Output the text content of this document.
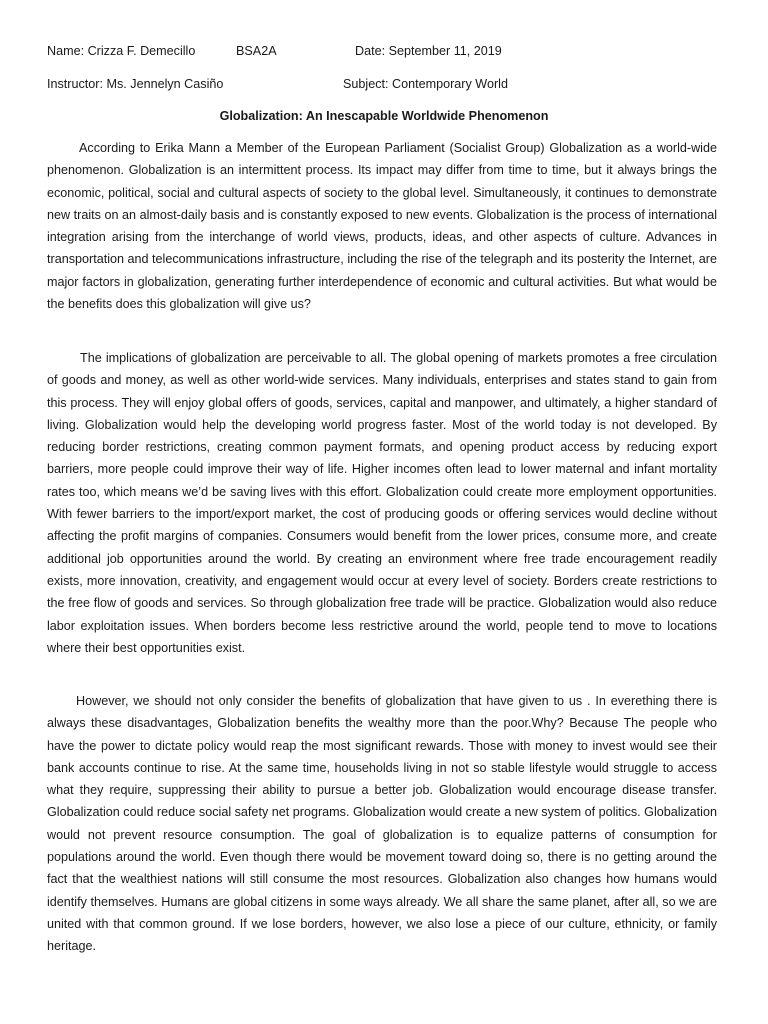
Name: Crizza F. Demecillo	BSA2A	Date: September 11, 2019
Instructor: Ms. Jennelyn Casiño	Subject: Contemporary World
Globalization: An Inescapable Worldwide Phenomenon

According to Erika Mann a Member of the European Parliament (Socialist Group) Globalization as a world-wide phenomenon. Globalization is an intermittent process. Its impact may differ from time to time, but it always brings the economic, political, social and cultural aspects of society to the global level. Simultaneously, it continues to demonstrate new traits on an almost-daily basis and is constantly exposed to new events. Globalization is the process of international integration arising from the interchange of world views, products, ideas, and other aspects of culture. Advances in transportation and telecommunications infrastructure, including the rise of the telegraph and its posterity the Internet, are major factors in globalization, generating further interdependence of economic and cultural activities. But what would be the benefits does this globalization will give us?

The implications of globalization are perceivable to all. The global opening of markets promotes a free circulation of goods and money, as well as other world-wide services. Many individuals, enterprises and states stand to gain from this process. They will enjoy global offers of goods, services, capital and manpower, and ultimately, a higher standard of living. Globalization would help the developing world progress faster. Most of the world today is not developed. By reducing border restrictions, creating common payment formats, and opening product access by reducing export barriers, more people could improve their way of life. Higher incomes often lead to lower maternal and infant mortality rates too, which means we’d be saving lives with this effort. Globalization could create more employment opportunities. With fewer barriers to the import/export market, the cost of producing goods or offering services would decline without affecting the profit margins of companies. Consumers would benefit from the lower prices, consume more, and create additional job opportunities around the world. By creating an environment where free trade encouragement readily exists, more innovation, creativity, and engagement would occur at every level of society. Borders create restrictions to the free flow of goods and services. So through globalization free trade will be practice. Globalization would also reduce labor exploitation issues. When borders become less restrictive around the world, people tend to move to locations where their best opportunities exist.

However, we should not only consider the benefits of globalization that have given to us . In everething there is always these disadvantages, Globalization benefits the wealthy more than the poor.Why? Because The people who have the power to dictate policy would reap the most significant rewards. Those with money to invest would see their bank accounts continue to rise. At the same time, households living in not so stable lifestyle would struggle to access what they require, suppressing their ability to pursue a better job. Globalization would encourage disease transfer. Globalization could reduce social safety net programs. Globalization would create a new system of politics. Globalization would not prevent resource consumption. The goal of globalization is to equalize patterns of consumption for populations around the world. Even though there would be movement toward doing so, there is no getting around the fact that the wealthiest nations will still consume the most resources. Globalization also changes how humans would identify themselves. Humans are global citizens in some ways already. We all share the same planet, after all, so we are united with that common ground. If we lose borders, however, we also lose a piece of our culture, ethnicity, or family heritage.
